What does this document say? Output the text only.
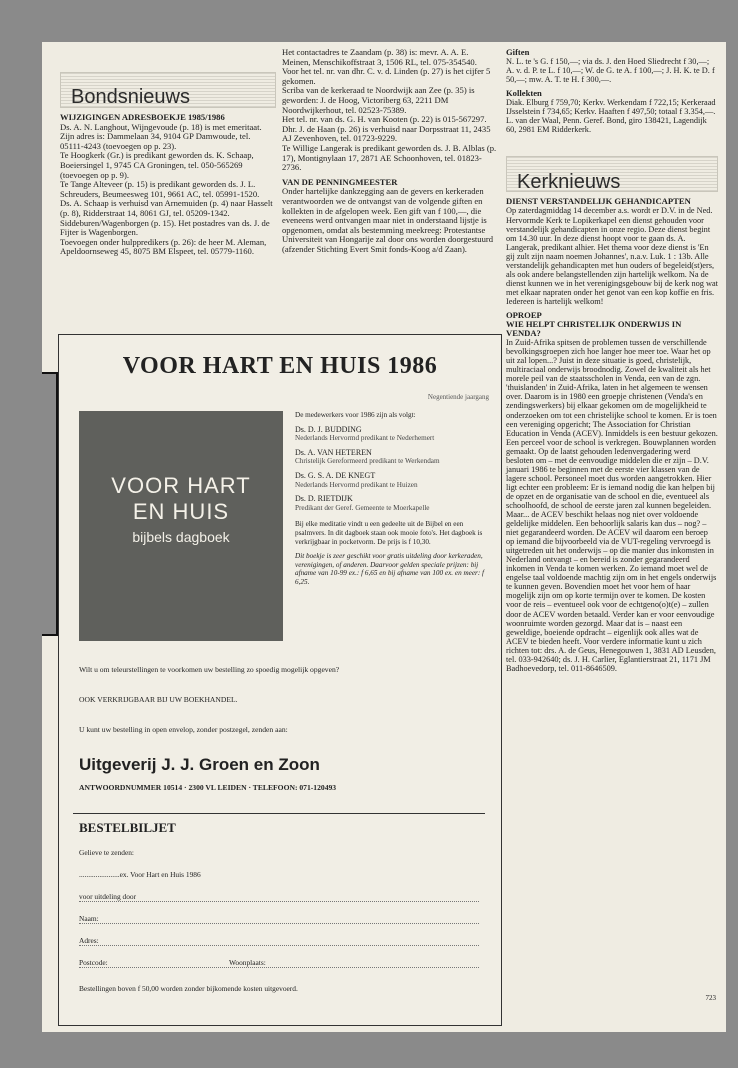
Bondsnieuws
WIJZIGINGEN ADRESBOEKJE 1985/1986

Ds. A. N. Langhout, Wijngevoude (p. 18) is met emeritaat. Zijn adres is: Dammelaan 34, 9104 GP Damwoude, tel. 05111-4243 (toevoegen op p. 23).

Te Hoogkerk (Gr.) is predikant geworden ds. K. Schaap, Boeiersingel 1, 9745 CA Groningen, tel. 050-565269 (toevoegen op p. 9).

Te Tange Alteveer (p. 15) is predikant geworden ds. J. L. Schreuders, Beumeesweg 101, 9661 AC, tel. 05991-1520.

Ds. A. Schaap is verhuisd van Arnemuiden (p. 4) naar Hasselt (p. 8), Ridderstraat 14, 8061 GJ, tel. 05209-1342.

Siddeburen/Wagenborgen (p. 15). Het postadres van ds. J. de Fijter is Wagenborgen.

Toevoegen onder hulppredikers (p. 26): de heer M. Aleman, Apeldoornseweg 45, 8075 BM Elspeet, tel. 05779-1160.

Het contactadres te Zaandam (p. 38) is: mevr. A. A. E. Meinen, Menschikoffstraat 3, 1506 RL, tel. 075-354540.

Voor het tel. nr. van dhr. C. v. d. Linden (p. 27) is het cijfer 5 gekomen.

Scriba van de kerkeraad te Noordwijk aan Zee (p. 35) is geworden: J. de Hoog, Victoriberg 63, 2211 DM Noordwijkerhout, tel. 02523-75389.

Het tel. nr. van ds. G. H. van Kooten (p. 22) is 015-567297.

Dhr. J. de Haan (p. 26) is verhuisd naar Dorpsstraat 11, 2435 AJ Zevenhoven, tel. 01723-9229.

Te Willige Langerak is predikant geworden ds. J. B. Alblas (p. 17), Montignylaan 17, 2871 AE Schoonhoven, tel. 01823-2736.

VAN DE PENNINGMEESTER

Onder hartelijke dankzegging aan de gevers en kerkeraden verantwoorden we de ontvangst van de volgende giften en kollekten in de afgelopen week. Een gift van f 100,—, die eveneens werd ontvangen maar niet in onderstaand lijstje is opgenomen, omdat als bestemming meekreeg: Protestantse Universiteit van Hongarije zal door ons worden doorgestuurd (afzender Stichting Evert Smit fonds-Koog a/d Zaan).

Giften

N. L. te 's G. f 150,—; via ds. J. den Hoed Sliedrecht f 30,—; A. v. d. P. te L. f 10,—; W. de G. te A. f 100,—; J. H. K. te D. f 50,—; mw. A. T. te H. f 300,—.

Kollekten

Diak. Elburg f 759,70; Kerkv. Werkendam f 722,15; Kerkeraad IJsselstein f 734,65; Kerkv. Haaften f 497,50; totaal f 3.354,—. L. van der Waal, Penn. Geref. Bond, giro 138421, Lagendijk 60, 2981 EM Ridderkerk.

Kerknieuws
DIENST VERSTANDELIJK GEHANDICAPTEN

Op zaterdagmiddag 14 december a.s. wordt er D.V. in de Ned. Hervormde Kerk te Lopikerkapel een dienst gehouden voor verstandelijk gehandicapten in onze regio. Deze dienst begint om 14.30 uur. In deze dienst hoopt voor te gaan ds. A. Langerak, predikant alhier. Het thema voor deze dienst is 'En gij zult zijn naam noemen Johannes', n.a.v. Luk. 1 : 13b. Alle verstandelijk gehandicapten met hun ouders of begeleid(st)ers, als ook andere belangstellenden zijn hartelijk welkom. Na de dienst kunnen we in het verenigingsgebouw bij de kerk nog wat met elkaar napraten onder het genot van een kop koffie en fris. Iedereen is hartelijk welkom!

OPROEP
WIE HELPT CHRISTELIJK ONDERWIJS IN VENDA?

In Zuid-Afrika spitsen de problemen tussen de verschillende bevolkingsgroepen zich hoe langer hoe meer toe. Waar het op uit zal lopen...? Juist in deze situatie is goed, christelijk, multiraciaal onderwijs broodnodig. Zowel de kwaliteit als het morele peil van de staatsscholen in Venda, een van de zgn. 'thuislanden' in Zuid-Afrika, laten in het algemeen te wensen over. Daarom is in 1980 een groepje christenen (Venda's en zendingswerkers) bij elkaar gekomen om de mogelijkheid te onderzoeken om tot een christelijke school te komen. Er is toen een vereniging opgericht; The Association for Christian Education in Venda (ACEV). Inmiddels is een bestuur gekozen. Een perceel voor de school is verkregen. Bouwplannen worden gemaakt. Op de laatst gehouden ledenvergadering werd besloten om – met de eenvoudige middelen die er zijn – D.V. januari 1986 te beginnen met de eerste vier klassen van de lagere school. Personeel moet dus worden aangetrokken. Hier ligt echter een probleem: Er is iemand nodig die kan helpen bij de opzet en de organisatie van de school en die, eventueel als schoolhoofd, de school de eerste jaren zal kunnen begeleiden. Maar... de ACEV beschikt helaas nog niet over voldoende geldelijke middelen. Een behoorlijk salaris kan dus – nog? – niet gegarandeerd worden. De ACEV wil daarom een beroep op iemand die bijvoorbeeld via de VUT-regeling vervroegd is uitgetreden uit het onderwijs – op die manier dus inkomsten in Nederland ontvangt – en bereid is zonder gegarandeerd inkomen in Venda te komen werken. Zo iemand moet wel de engelse taal voldoende machtig zijn om in het engels onderwijs te kunnen geven. Bovendien moet het voor hem of haar mogelijk zijn om op korte termijn over te komen. De kosten voor de reis – eventueel ook voor de echtgeno(o)t(e) – zullen door de ACEV worden betaald. Verder kan er voor eenvoudige woonruimte worden gezorgd. Maar dat is – naast een geweldige, boeiende opdracht – eigenlijk ook alles wat de ACEV te bieden heeft. Voor verdere informatie kunt u zich richten tot: drs. A. de Geus, Henegouwen 1, 3831 AD Leusden, tel. 033-942640; ds. J. H. Carlier, Eglantierstraat 21, 1171 JM Badhoevedorp, tel. 011-8646509.

VOOR HART EN HUIS 1986
Negentiende jaargang
VOOR HART
EN HUIS
bijbels dagboek
De medewerkers voor 1986 zijn als volgt:
Ds. D. J. BUDDING
Nederlands Hervormd predikant te Nederhemert
Ds. A. VAN HETEREN
Christelijk Gereformeerd predikant te Werkendam
Ds. G. S. A. DE KNEGT
Nederlands Hervormd predikant te Huizen
Ds. D. RIETDIJK
Predikant der Geref. Gemeente te Moerkapelle
Bij elke meditatie vindt u een gedeelte uit de Bijbel en een psalmvers. In dit dagboek staan ook mooie foto's. Het dagboek is verkrijgbaar in pocketvorm. De prijs is f 10,30.
Dit boekje is zeer geschikt voor gratis uitdeling door kerkeraden, verenigingen, of anderen. Daarvoor gelden speciale prijzen: bij afname van 10-99 ex.: f 6,65 en bij afname van 100 ex. en meer: f 6,25.
Wilt u om teleurstellingen te voorkomen uw bestelling zo spoedig mogelijk opgeven?
OOK VERKRIJGBAAR BIJ UW BOEKHANDEL.
U kunt uw bestelling in open envelop, zonder postzegel, zenden aan:
Uitgeverij J. J. Groen en Zoon
ANTWOORDNUMMER 10514 · 2300 VL LEIDEN · TELEFOON: 071-120493
BESTELBILJET
Gelieve te zenden:
......................ex. Voor Hart en Huis 1986
voor uitdeling door
Naam:
Adres:
Postcode:	Woonplaats:
Bestellingen boven f 50,00 worden zonder bijkomende kosten uitgevoerd.
723
